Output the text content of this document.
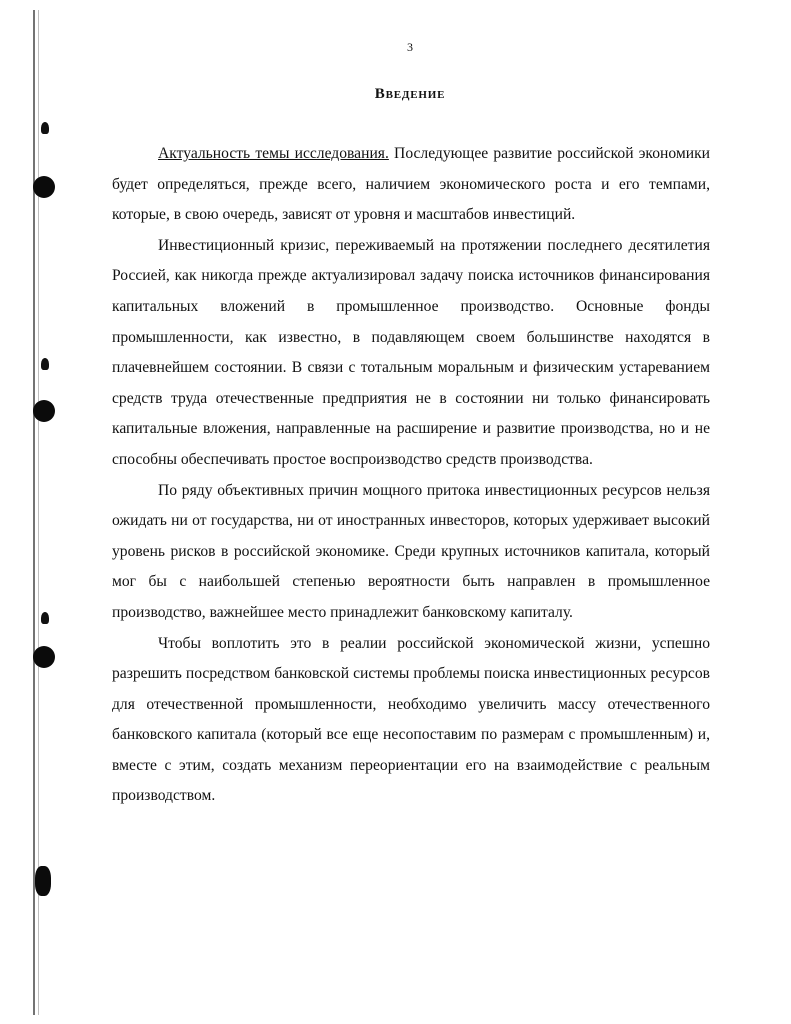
3
Введение

Актуальность темы исследования. Последующее развитие российской экономики будет определяться, прежде всего, наличием экономического роста и его темпами, которые, в свою очередь, зависят от уровня и масштабов инвестиций.

Инвестиционный кризис, переживаемый на протяжении последнего десятилетия Россией, как никогда прежде актуализировал задачу поиска источников финансирования капитальных вложений в промышленное производство. Основные фонды промышленности, как известно, в подавляющем своем большинстве находятся в плачевнейшем состоянии. В связи с тотальным моральным и физическим устареванием средств труда отечественные предприятия не в состоянии ни только финансировать капитальные вложения, направленные на расширение и развитие производства, но и не способны обеспечивать простое воспроизводство средств производства.

По ряду объективных причин мощного притока инвестиционных ресурсов нельзя ожидать ни от государства, ни от иностранных инвесторов, которых удерживает высокий уровень рисков в российской экономике. Среди крупных источников капитала, который мог бы с наибольшей степенью вероятности быть направлен в промышленное производство, важнейшее место принадлежит банковскому капиталу.

Чтобы воплотить это в реалии российской экономической жизни, успешно разрешить посредством банковской системы проблемы поиска инвестиционных ресурсов для отечественной промышленности, необходимо увеличить массу отечественного банковского капитала (который все еще несопоставим по размерам с промышленным) и, вместе с этим, создать механизм переориентации его на взаимодействие с реальным производством.
